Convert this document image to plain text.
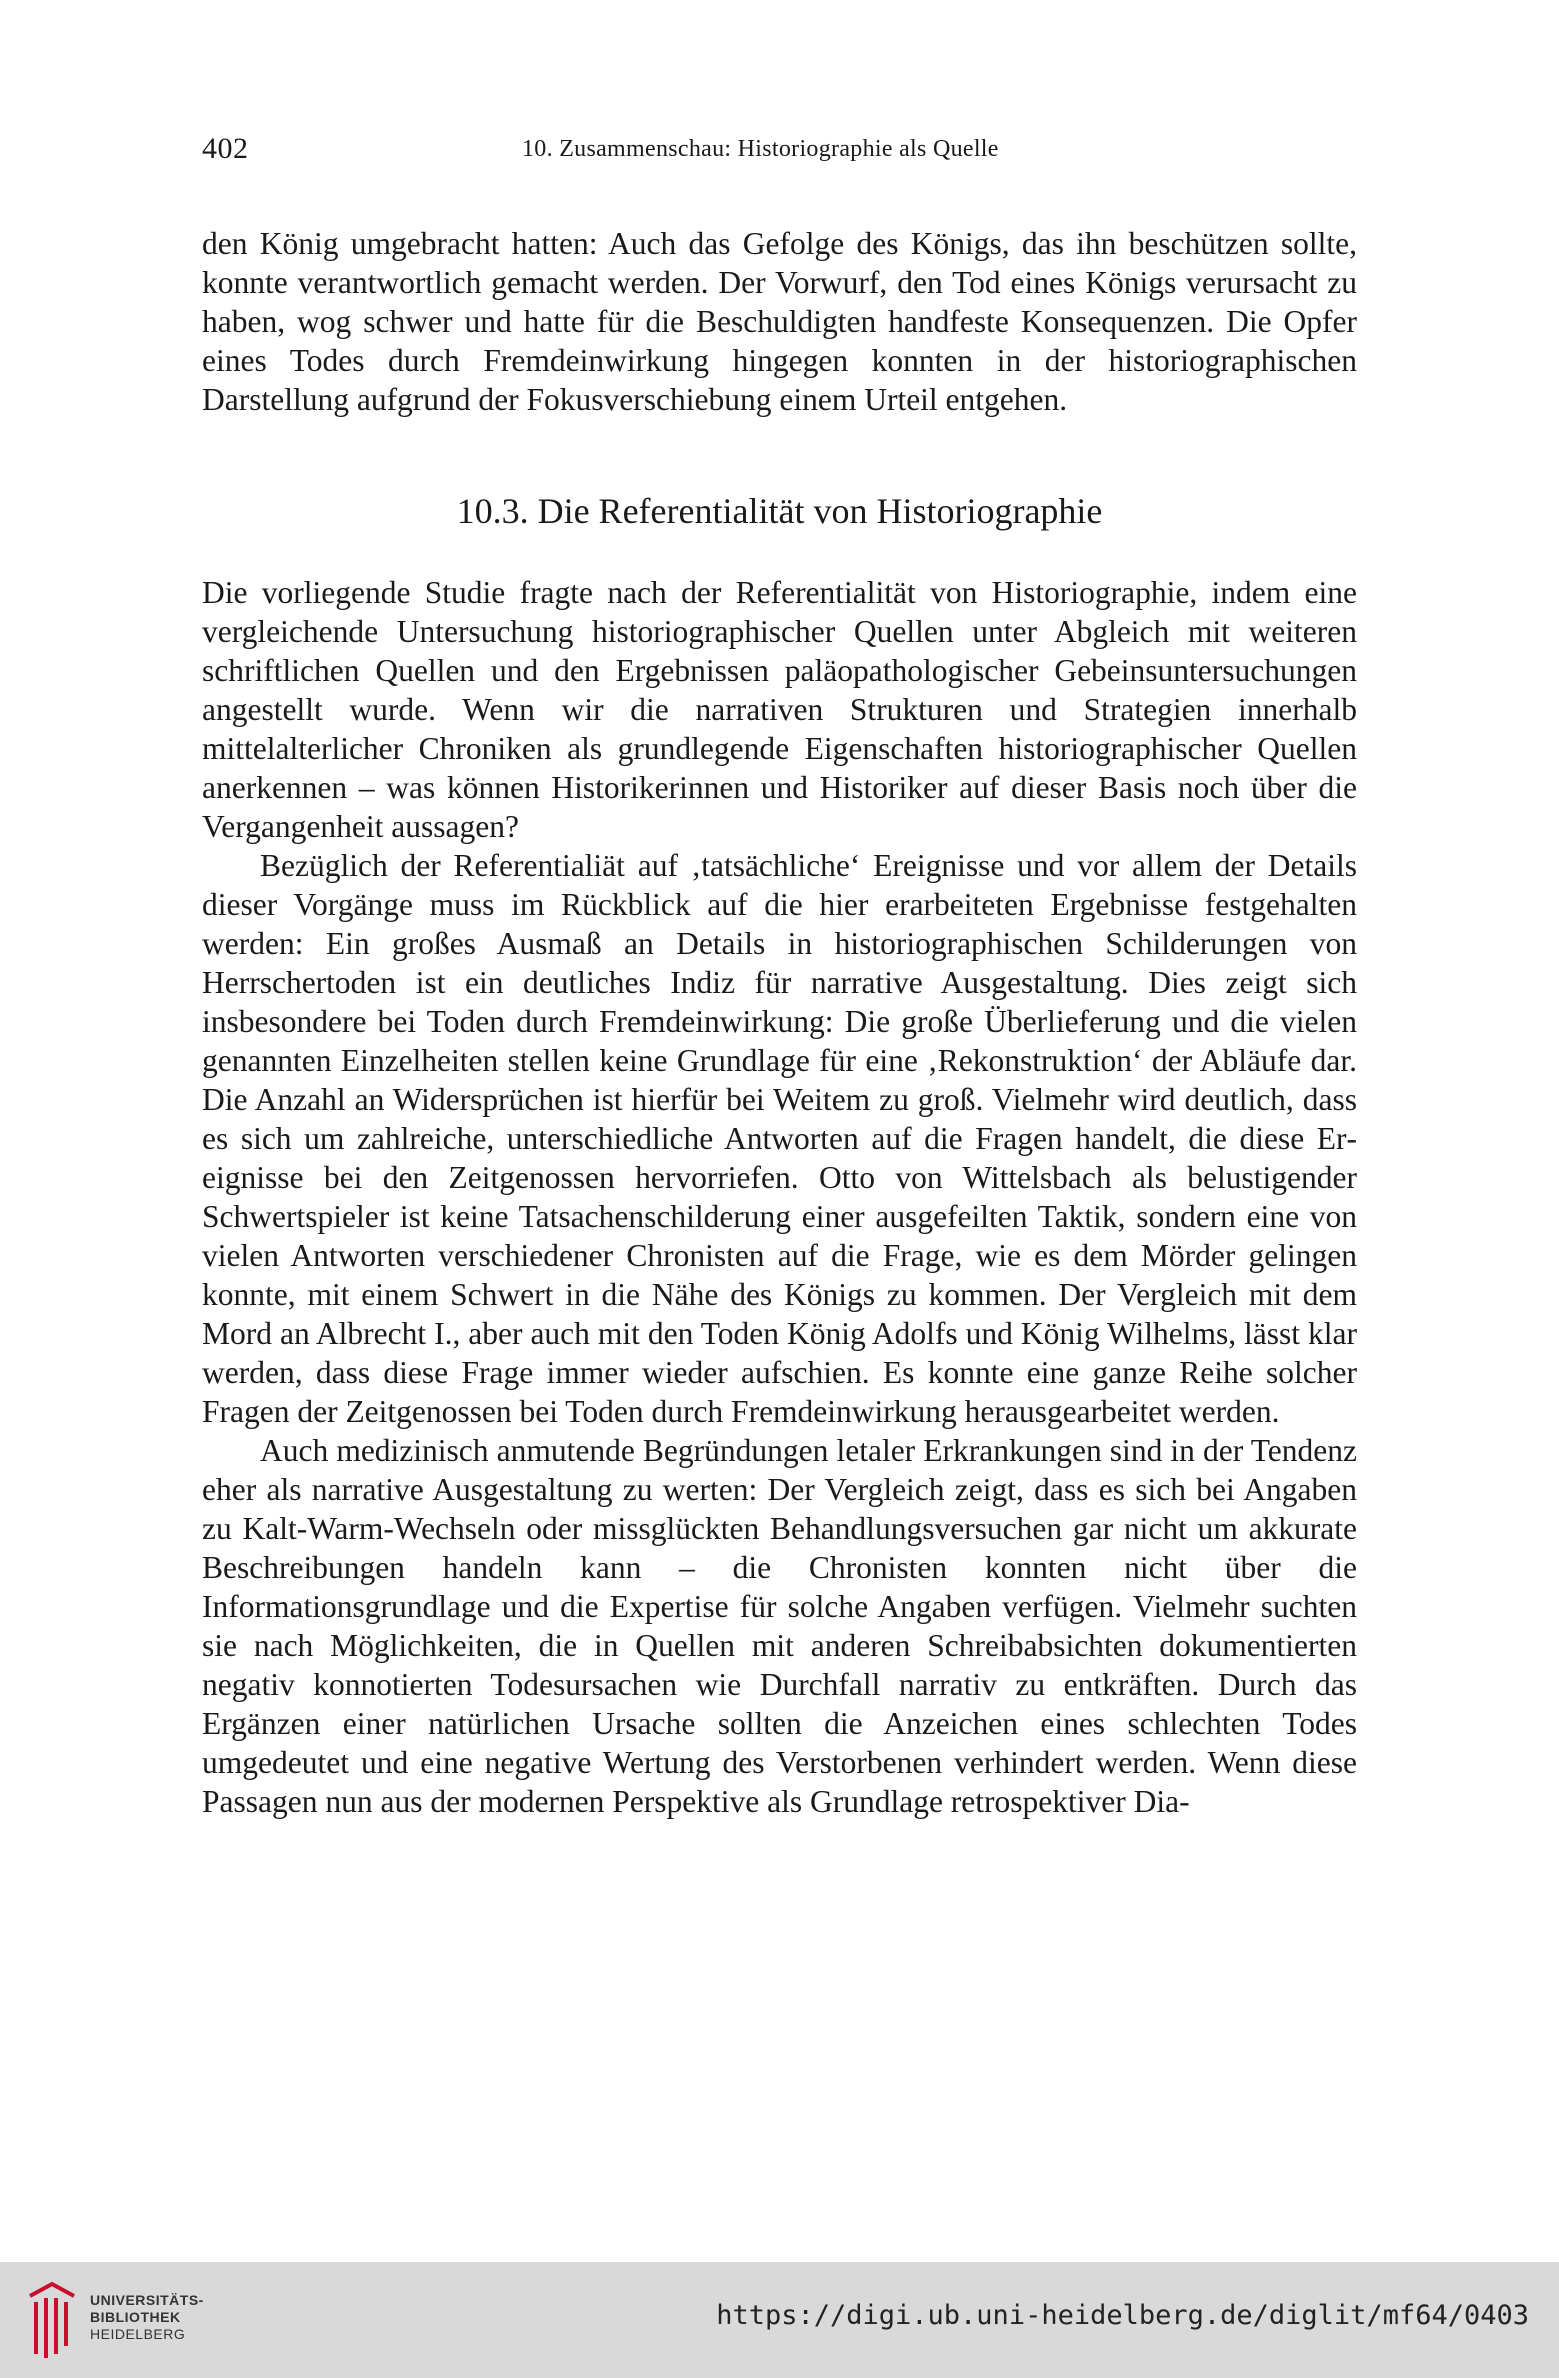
402	10. Zusammenschau: Historiographie als Quelle

den König umgebracht hatten: Auch das Gefolge des Königs, das ihn beschützen sollte, konnte verantwortlich gemacht werden. Der Vorwurf, den Tod eines Königs verursacht zu haben, wog schwer und hatte für die Beschuldigten handfeste Konsequenzen. Die Opfer eines Todes durch Fremdeinwirkung hingegen konnten in der historiographischen Darstellung aufgrund der Fokusverschiebung einem Urteil entgehen.

10.3. Die Referentialität von Historiographie

Die vorliegende Studie fragte nach der Referentialität von Historiographie, indem eine vergleichende Untersuchung historiographischer Quellen unter Abgleich mit weiteren schriftlichen Quellen und den Ergebnissen paläopathologischer Gebeinsuntersuchungen angestellt wurde. Wenn wir die narrativen Strukturen und Strategien innerhalb mittelalterlicher Chroniken als grundlegende Eigenschaften historiographischer Quellen anerkennen – was können Historikerinnen und Historiker auf dieser Basis noch über die Vergangenheit aussagen?

Bezüglich der Referentialiät auf ‚tatsächliche‘ Ereignisse und vor allem der Details dieser Vorgänge muss im Rückblick auf die hier erarbeiteten Ergebnisse festgehalten werden: Ein großes Ausmaß an Details in historiographischen Schilderungen von Herrschertoden ist ein deutliches Indiz für narrative Ausgestaltung. Dies zeigt sich insbesondere bei Toden durch Fremdeinwirkung: Die große Überlieferung und die vielen genannten Einzelheiten stellen keine Grundlage für eine ‚Rekonstruktion‘ der Abläufe dar. Die Anzahl an Widersprüchen ist hierfür bei Weitem zu groß. Vielmehr wird deutlich, dass es sich um zahlreiche, unterschiedliche Antworten auf die Fragen handelt, die diese Ereignisse bei den Zeitgenossen hervorriefen. Otto von Wittelsbach als belustigender Schwertspieler ist keine Tatsachenschilderung einer ausgefeilten Taktik, sondern eine von vielen Antworten verschiedener Chronisten auf die Frage, wie es dem Mörder gelingen konnte, mit einem Schwert in die Nähe des Königs zu kommen. Der Vergleich mit dem Mord an Albrecht I., aber auch mit den Toden König Adolfs und König Wilhelms, lässt klar werden, dass diese Frage immer wieder aufschien. Es konnte eine ganze Reihe solcher Fragen der Zeitgenossen bei Toden durch Fremdeinwirkung herausgearbeitet werden.

Auch medizinisch anmutende Begründungen letaler Erkrankungen sind in der Tendenz eher als narrative Ausgestaltung zu werten: Der Vergleich zeigt, dass es sich bei Angaben zu Kalt-Warm-Wechseln oder missglückten Behandlungsversuchen gar nicht um akkurate Beschreibungen handeln kann – die Chronisten konnten nicht über die Informationsgrundlage und die Expertise für solche Angaben verfügen. Vielmehr suchten sie nach Möglichkeiten, die in Quellen mit anderen Schreibabsichten dokumentierten negativ konnotierten Todesursachen wie Durchfall narrativ zu entkräften. Durch das Ergänzen einer natürlichen Ursache sollten die Anzeichen eines schlechten Todes umgedeutet und eine negative Wertung des Verstorbenen verhindert werden. Wenn diese Passagen nun aus der modernen Perspektive als Grundlage retrospektiver Dia-

UNIVERSITÄTS-
BIBLIOTHEK
HEIDELBERG
https://digi.ub.uni-heidelberg.de/diglit/mf64/0403
